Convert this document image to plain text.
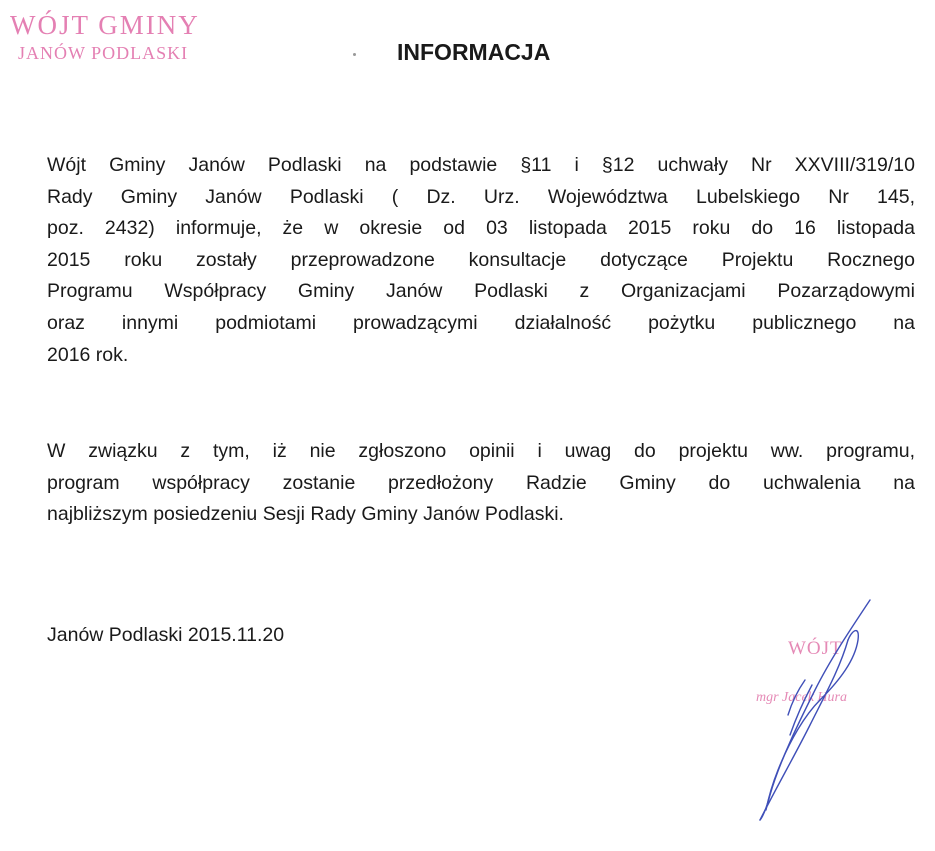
WÓJT GMINY
JANÓW PODLASKI	INFORMACJA

Wójt Gminy Janów Podlaski na podstawie §11 i §12 uchwały Nr XXVIII/319/10
Rady Gminy Janów Podlaski ( Dz. Urz. Województwa Lubelskiego Nr 145,
poz. 2432) informuje, że w okresie od 03 listopada 2015 roku do 16 listopada
2015 roku zostały przeprowadzone konsultacje dotyczące Projektu Rocznego
Programu Współpracy Gminy Janów Podlaski z Organizacjami Pozarządowymi
oraz innymi podmiotami prowadzącymi działalność pożytku publicznego na
2016 rok.

W związku z tym, iż nie zgłoszono opinii i uwag do projektu ww. programu,
program współpracy zostanie przedłożony Radzie Gminy do uchwalenia na
najbliższym posiedzeniu Sesji Rady Gminy Janów Podlaski.

Janów Podlaski 2015.11.20

WÓJT
mgr Jacek Hura
